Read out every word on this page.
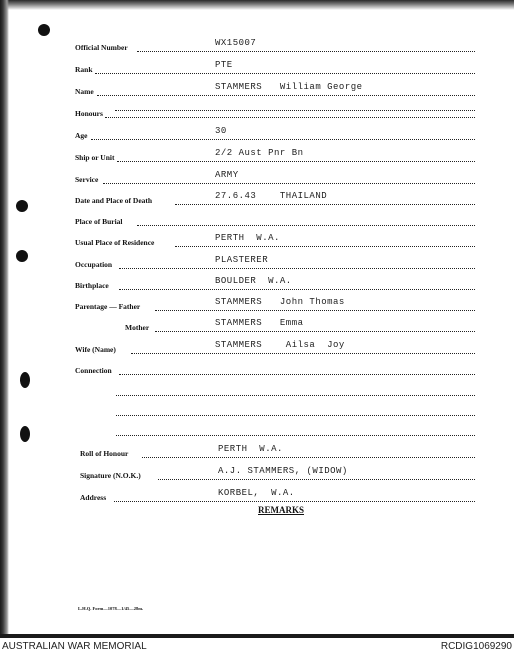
Official Number	WX15007
Rank	PTE
Name	STAMMERS   William George
Honours
Age	30
Ship or Unit	2/2 Aust Pnr Bn
Service	ARMY
Date and Place of Death	27.6.43    THAILAND
Place of Burial
Usual Place of Residence	PERTH  W.A.
Occupation	PLASTERER
Birthplace	BOULDER  W.A.
Parentage — Father	STAMMERS   John Thomas
Mother	STAMMERS   Emma
Wife (Name)	STAMMERS    Ailsa  Joy
Connection
Roll of Honour	PERTH  W.A.
Signature (N.O.K.)	A.J. STAMMERS, (WIDOW)
Address	KORBEL,  W.A.
REMARKS
L.H.Q. Form—1078—1/45—28m.
AUSTRALIAN WAR MEMORIAL	RCDIG1069290
